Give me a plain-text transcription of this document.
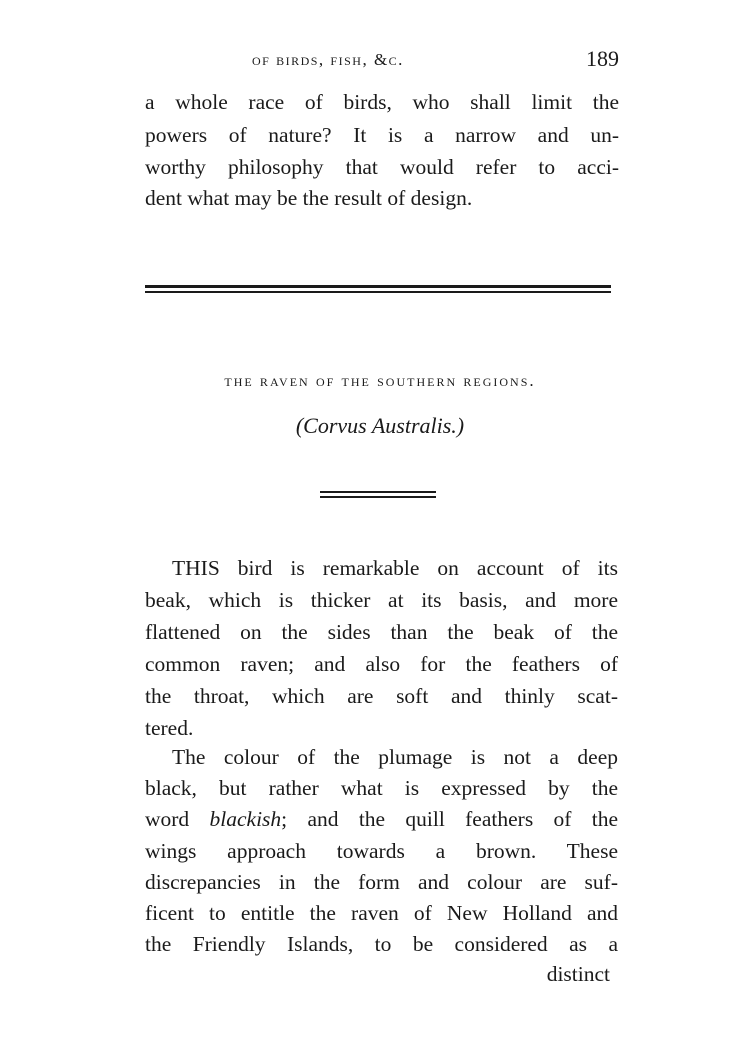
of birds, fish, &c.	189
a whole race of birds, who shall limit the
powers of nature? It is a narrow and un-
worthy philosophy that would refer to acci-
dent what may be the result of design.
the raven of the southern regions.
(Corvus Australis.)
THIS bird is remarkable on account of its
beak, which is thicker at its basis, and more
flattened on the sides than the beak of the
common raven; and also for the feathers of
the throat, which are soft and thinly scat-
tered.
The colour of the plumage is not a deep
black, but rather what is expressed by the
word blackish; and the quill feathers of the
wings approach towards a brown. These
discrepancies in the form and colour are suf-
ficent to entitle the raven of New Holland and
the Friendly Islands, to be considered as a
distinct
